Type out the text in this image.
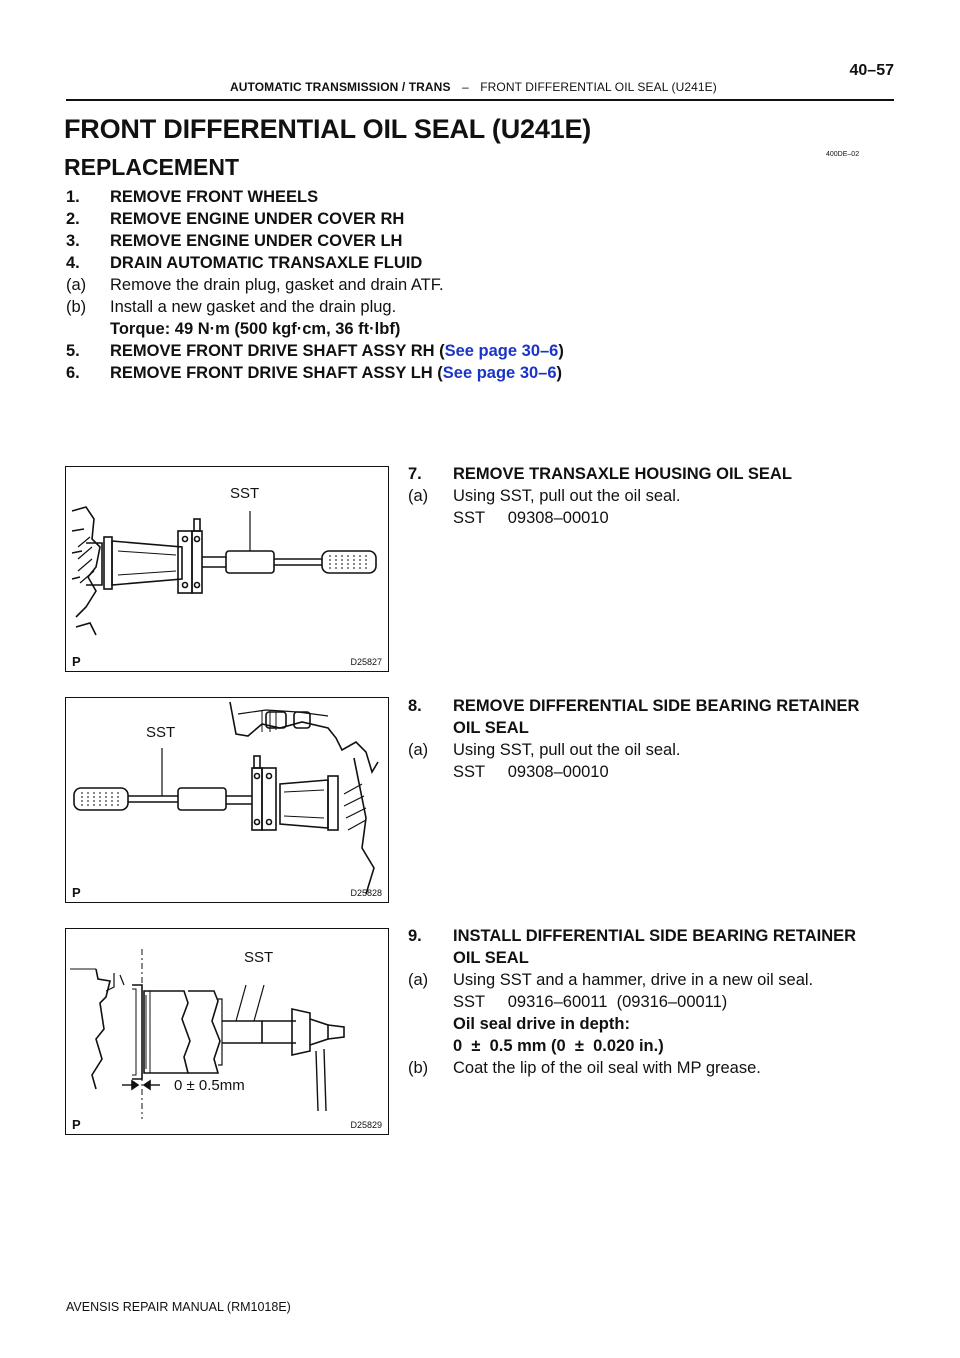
AUTOMATIC TRANSMISSION / TRANS – FRONT DIFFERENTIAL OIL SEAL (U241E)
40–57
FRONT DIFFERENTIAL OIL SEAL (U241E)
400DE–02
REPLACEMENT
1. REMOVE FRONT WHEELS
2. REMOVE ENGINE UNDER COVER RH
3. REMOVE ENGINE UNDER COVER LH
4. DRAIN AUTOMATIC TRANSAXLE FLUID
(a) Remove the drain plug, gasket and drain ATF.
(b) Install a new gasket and the drain plug.
Torque: 49 N·m (500 kgf·cm, 36 ft·lbf)
5. REMOVE FRONT DRIVE SHAFT ASSY RH (See page 30–6)
6. REMOVE FRONT DRIVE SHAFT ASSY LH (See page 30–6)
SST
P	D25827
7. REMOVE TRANSAXLE HOUSING OIL SEAL
(a) Using SST, pull out the oil seal.
SST     09308–00010
SST
P	D25828
8. REMOVE DIFFERENTIAL SIDE BEARING RETAINER
OIL SEAL
(a) Using SST, pull out the oil seal.
SST     09308–00010
SST
0 ± 0.5mm
P	D25829
9. INSTALL DIFFERENTIAL SIDE BEARING RETAINER
OIL SEAL
(a) Using SST and a hammer, drive in a new oil seal.
SST     09316–60011  (09316–00011)
Oil seal drive in depth:
0  ±  0.5 mm (0  ±  0.020 in.)
(b) Coat the lip of the oil seal with MP grease.
AVENSIS REPAIR MANUAL (RM1018E)
